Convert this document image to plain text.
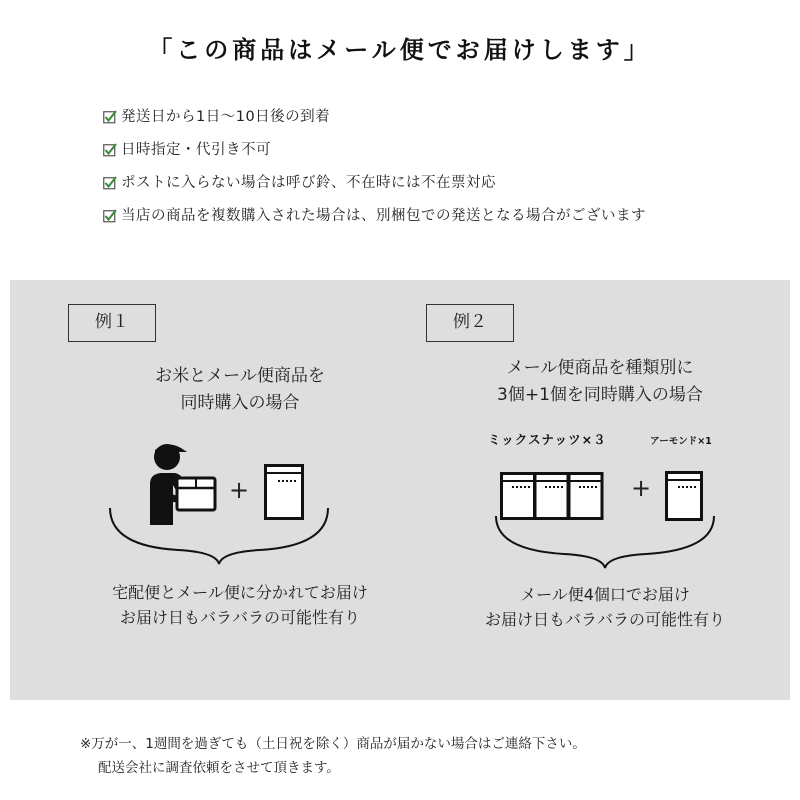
「この商品はメール便でお届けします」
発送日から1日〜10日後の到着
日時指定・代引き不可
ポストに入らない場合は呼び鈴、不在時には不在票対応
当店の商品を複数購入された場合は、別梱包での発送となる場合がございます
例１
お米とメール便商品を
同時購入の場合
+
宅配便とメール便に分かれてお届け
お届け日もバラバラの可能性有り
例２
メール便商品を種類別に
3個+1個を同時購入の場合
ミックスナッツ×３	アーモンド×1
+
メール便4個口でお届け
お届け日もバラバラの可能性有り
※万が一、1週間を過ぎても（土日祝を除く）商品が届かない場合はご連絡下さい。
配送会社に調査依頼をさせて頂きます。
